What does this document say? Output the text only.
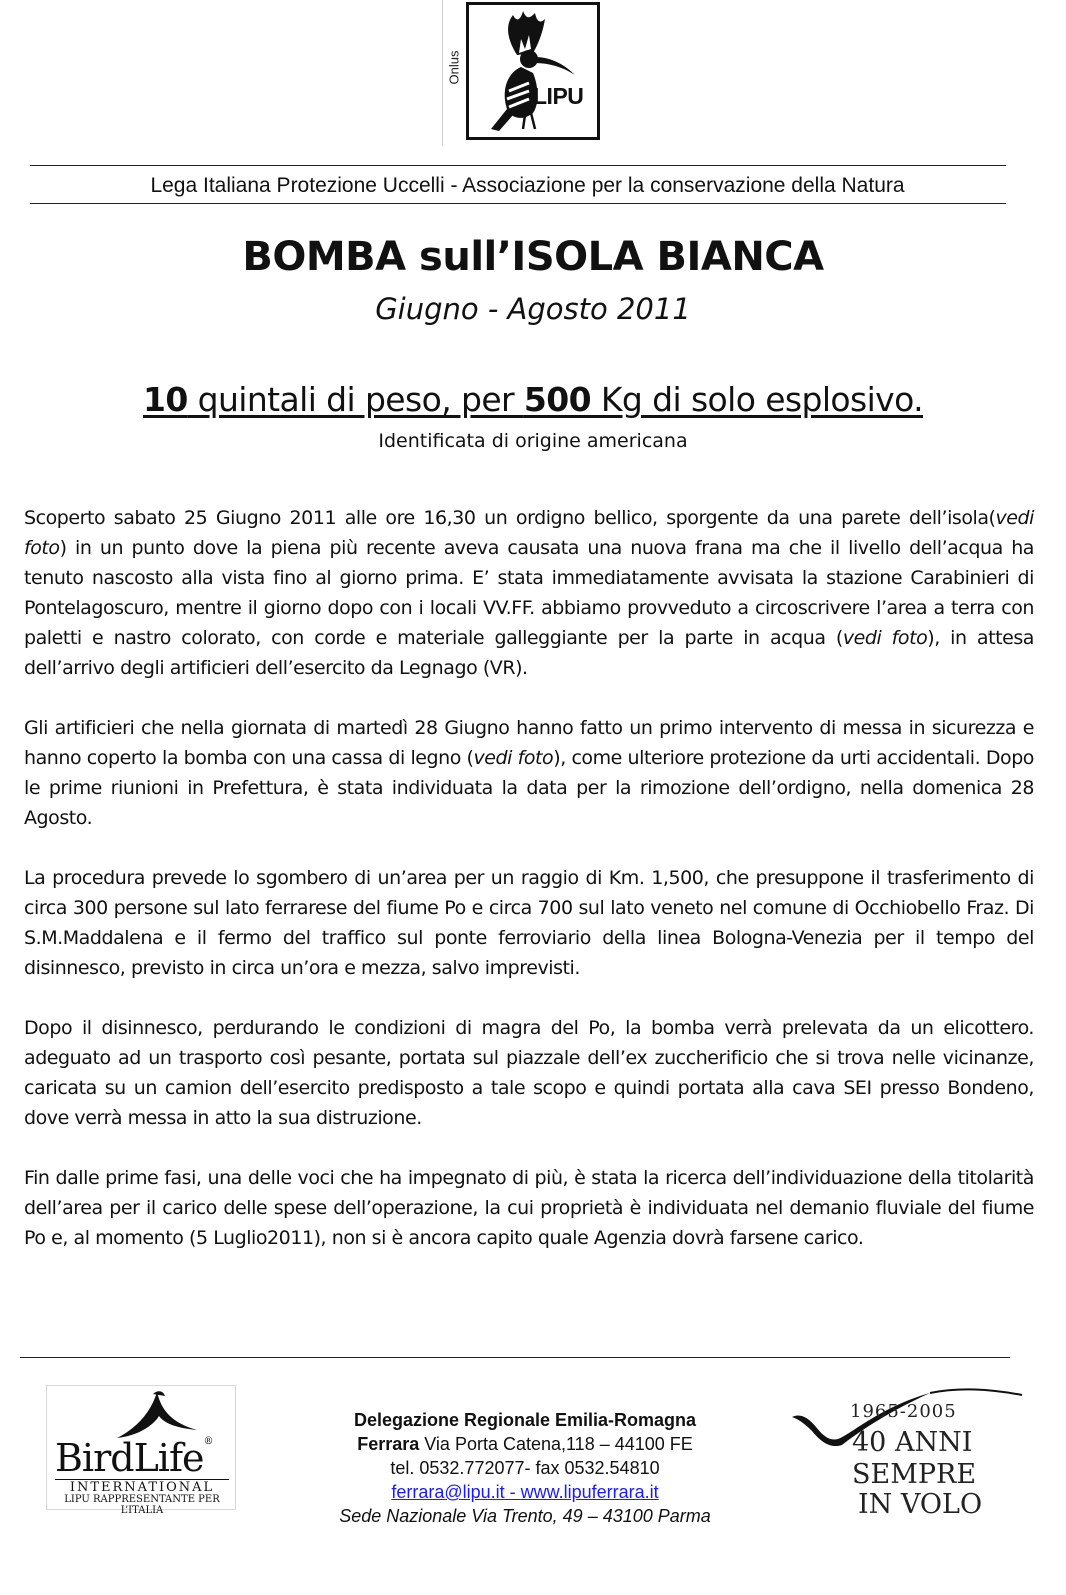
Onlus
LIPU
Lega Italiana Protezione Uccelli - Associazione per la conservazione della Natura
BOMBA sull’ISOLA BIANCA
Giugno - Agosto 2011
10 quintali di peso, per 500 Kg di solo esplosivo.
Identificata di origine americana

Scoperto sabato 25 Giugno 2011 alle ore 16,30 un ordigno bellico, sporgente da una parete dell’isola(vedi foto) in un punto dove la piena più recente aveva causata una nuova frana ma che il livello dell’acqua ha tenuto nascosto alla vista fino al giorno prima. E’ stata immediatamente avvisata la stazione Carabinieri di Pontelagoscuro, mentre il giorno dopo con i locali VV.FF. abbiamo provveduto a circoscrivere l’area a terra con paletti e nastro colorato, con corde e materiale galleggiante per la parte in acqua (vedi foto), in attesa dell’arrivo degli artificieri dell’esercito da Legnago (VR).

Gli artificieri che nella giornata di martedì 28 Giugno hanno fatto un primo intervento di messa in sicurezza e hanno coperto la bomba con una cassa di legno (vedi foto), come ulteriore protezione da urti accidentali. Dopo le prime riunioni in Prefettura, è stata individuata la data per la rimozione dell’ordigno, nella domenica 28 Agosto.

La procedura prevede lo sgombero di un’area per un raggio di Km. 1,500, che presuppone il trasferimento di circa 300 persone sul lato ferrarese del fiume Po e circa 700 sul lato veneto nel comune di Occhiobello Fraz. Di S.M.Maddalena e il fermo del traffico sul ponte ferroviario della linea Bologna-Venezia per il tempo del disinnesco, previsto in circa un’ora e mezza, salvo imprevisti.

Dopo il disinnesco, perdurando le condizioni di magra del Po, la bomba verrà prelevata da un elicottero. adeguato ad un trasporto così pesante, portata sul piazzale dell’ex zuccherificio che si trova nelle vicinanze, caricata su un camion dell’esercito predisposto a tale scopo e quindi portata alla cava SEI presso Bondeno, dove verrà messa in atto la sua distruzione.

Fin dalle prime fasi, una delle voci che ha impegnato di più, è stata la ricerca dell’individuazione della titolarità dell’area per il carico delle spese dell’operazione, la cui proprietà è individuata nel demanio fluviale del fiume Po e, al momento (5 Luglio2011), non si è ancora capito quale Agenzia dovrà farsene carico.

BirdLife®
INTERNATIONAL
LIPU RAPPRESENTANTE PER L’ITALIA
Delegazione Regionale Emilia-Romagna
Ferrara Via Porta Catena,118 – 44100 FE
tel. 0532.772077- fax 0532.54810
ferrara@lipu.it - www.lipuferrara.it
Sede Nazionale Via Trento, 49 – 43100 Parma
1965-2005
40 ANNI
SEMPRE
IN VOLO
